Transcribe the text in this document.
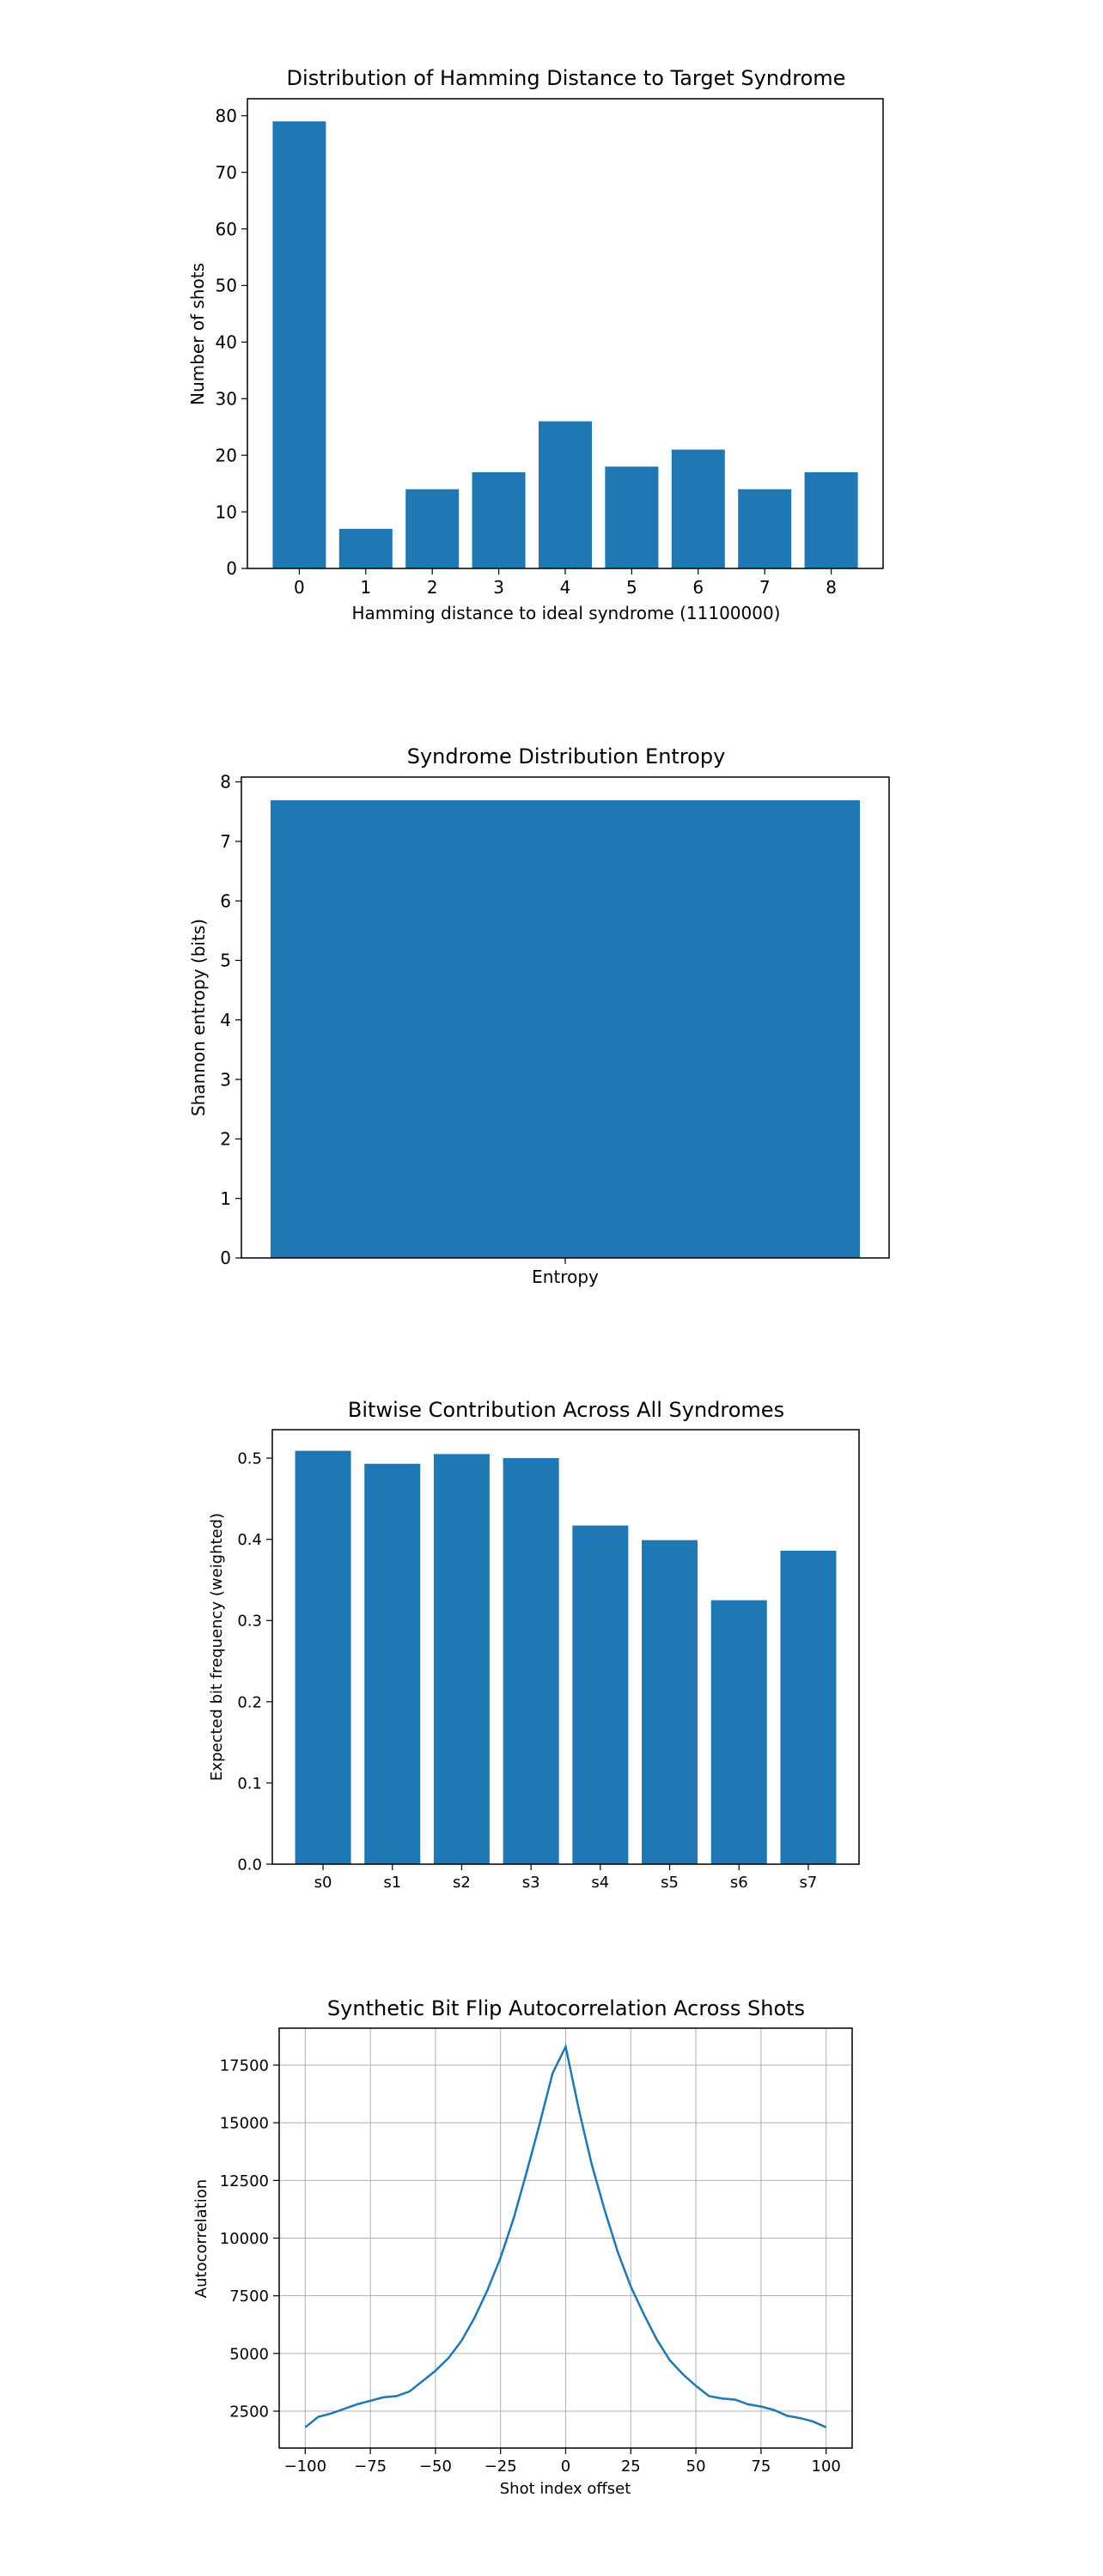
Distribution of Hamming Distance to Target Syndrome
0	1	2	3	4	5	6	7	8
0
10
20
30
40
50
60
70
80
Hamming distance to ideal syndrome (11100000)
Number of shots
Syndrome Distribution Entropy
Entropy
0
1
2
3
4
5
6
7
8
Shannon entropy (bits)
Bitwise Contribution Across All Syndromes
s0	s1	s2	s3	s4	s5	s6	s7
0.0
0.1
0.2
0.3
0.4
0.5
Expected bit frequency (weighted)
Synthetic Bit Flip Autocorrelation Across Shots
−100 −75 −50 −25	0	25	50	75	100
2500
5000
7500
10000
12500
15000
17500
Shot index offset
Autocorrelation
